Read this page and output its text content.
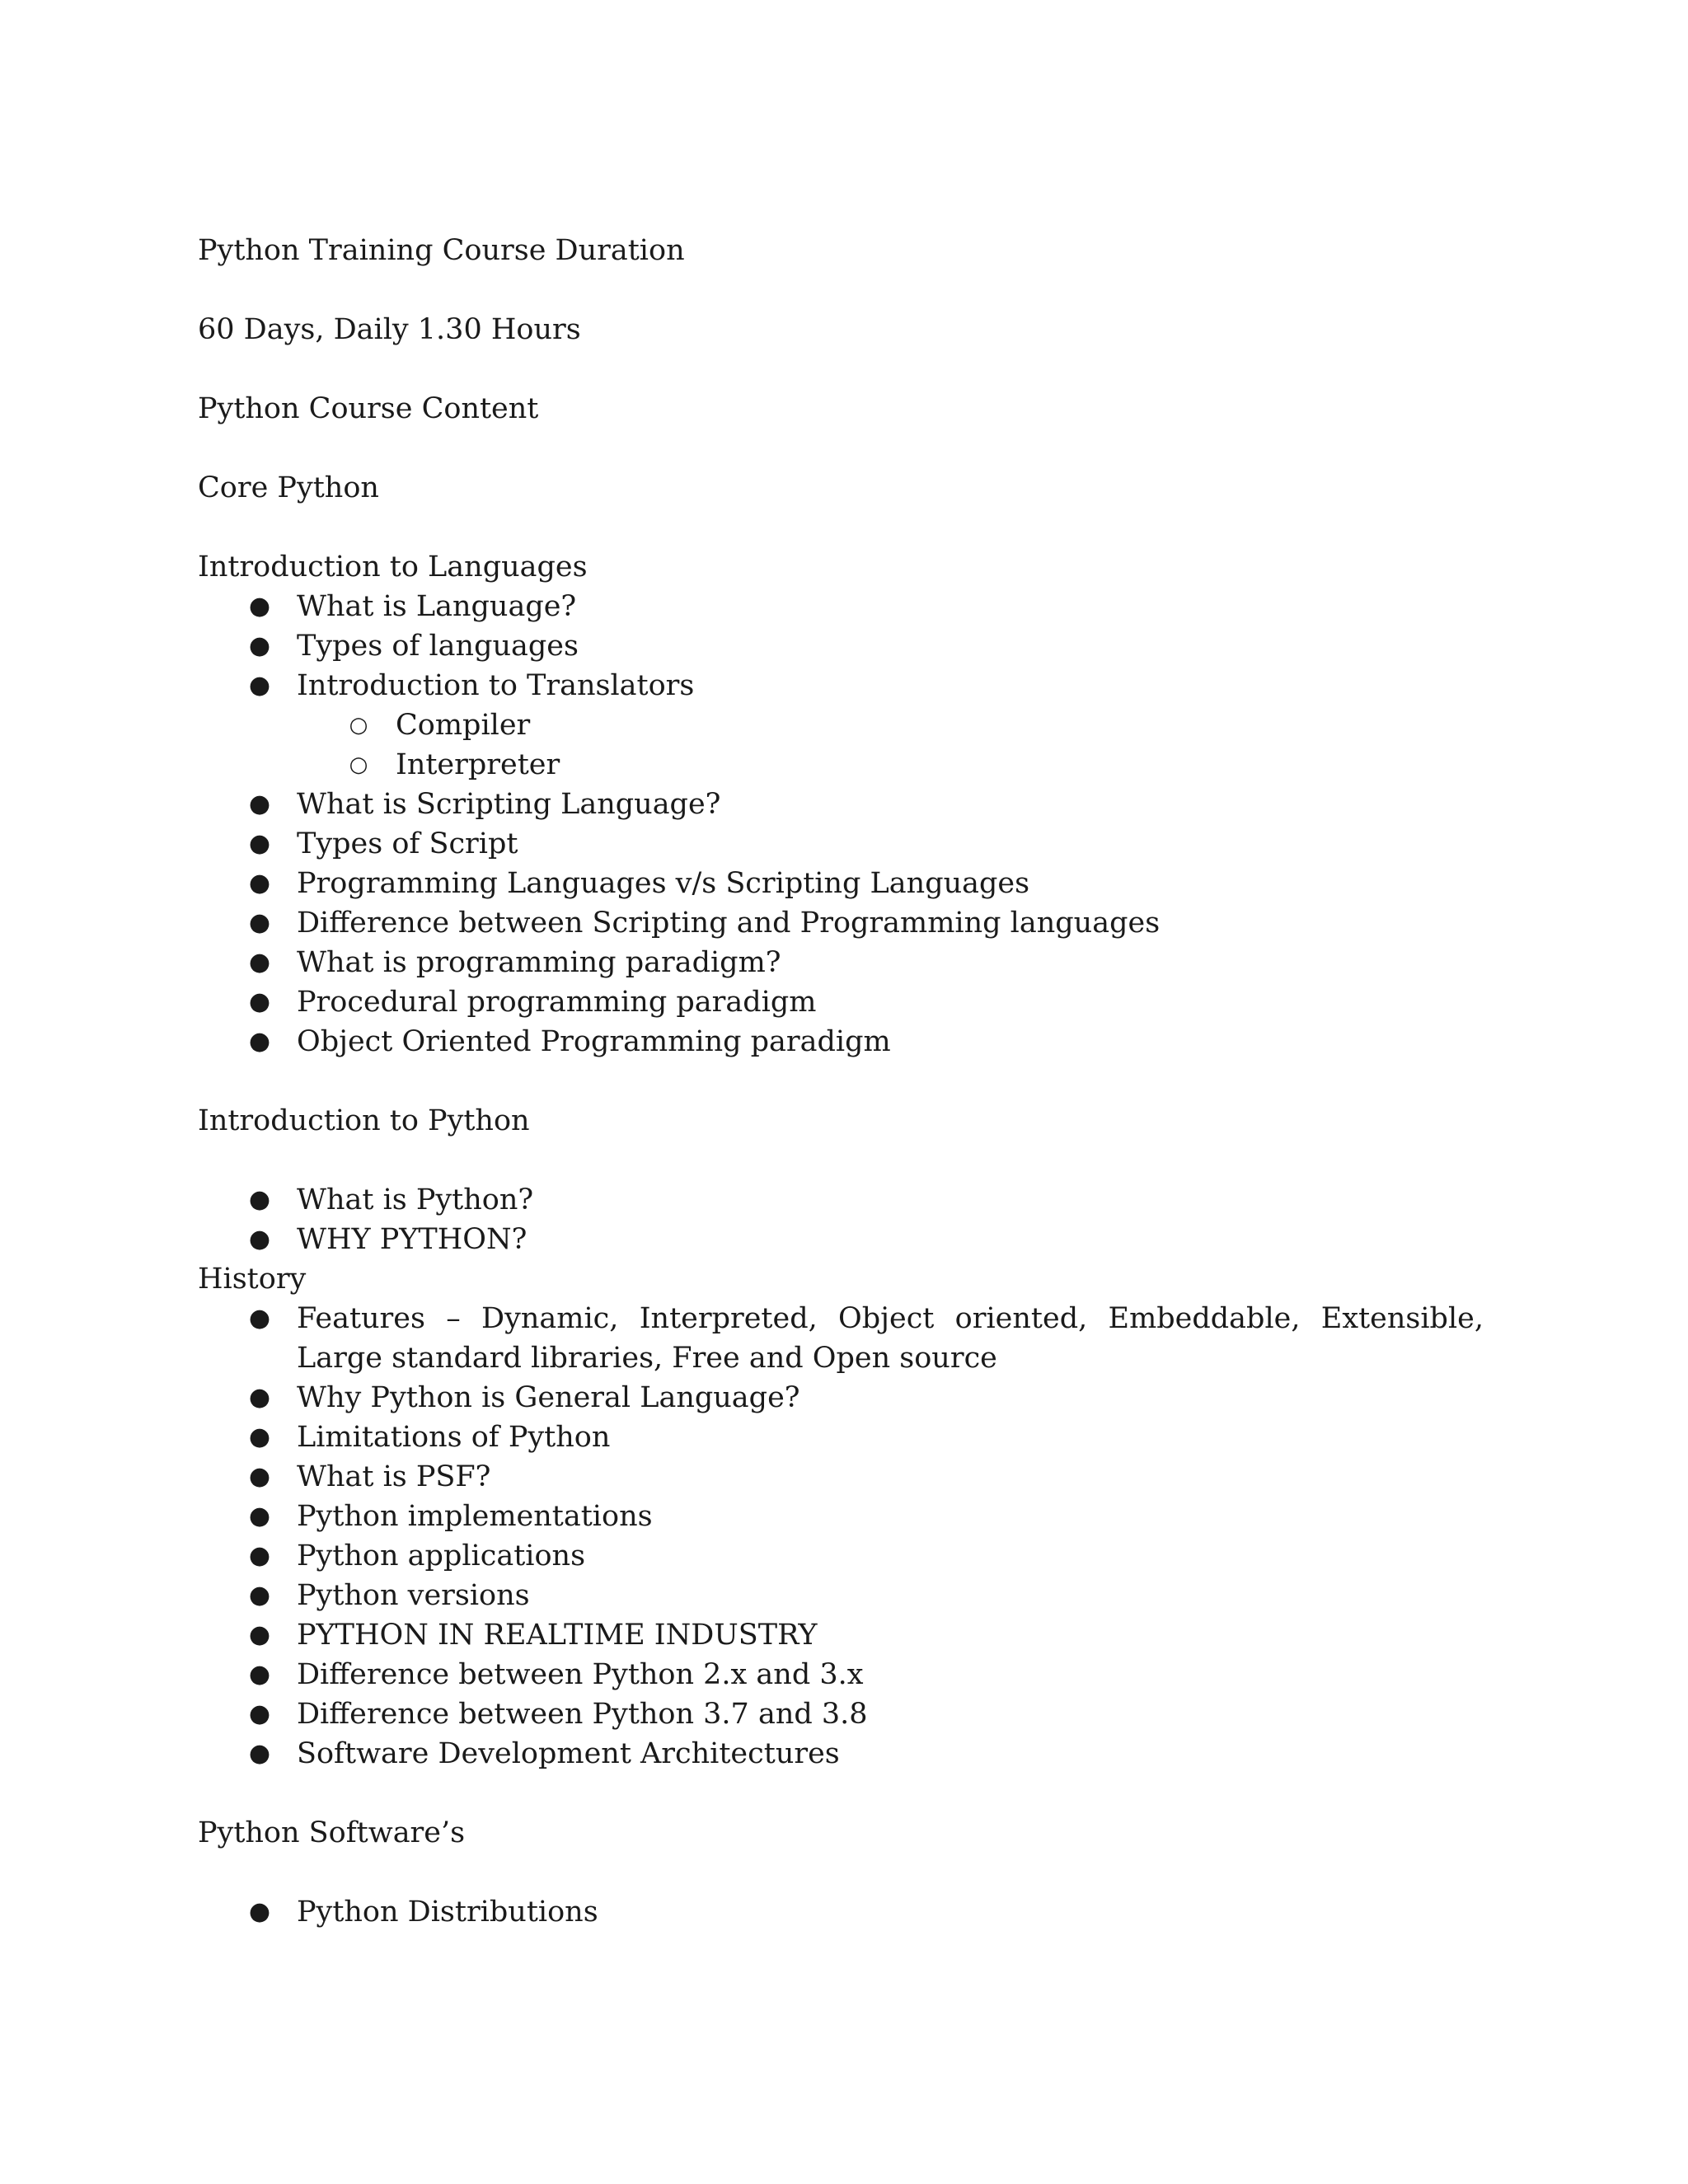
Python Training Course Duration

60 Days, Daily 1.30 Hours

Python Course Content

Core Python

Introduction to Languages

● What is Language?
● Types of languages
● Introduction to Translators
○ Compiler
○ Interpreter
● What is Scripting Language?
● Types of Script
● Programming Languages v/s Scripting Languages
● Difference between Scripting and Programming languages
● What is programming paradigm?
● Procedural programming paradigm
● Object Oriented Programming paradigm

Introduction to Python

● What is Python?
● WHY PYTHON?

History

● Features – Dynamic, Interpreted, Object oriented, Embeddable, Extensible, Large standard libraries, Free and Open source
● Why Python is General Language?
● Limitations of Python
● What is PSF?
● Python implementations
● Python applications
● Python versions
● PYTHON IN REALTIME INDUSTRY
● Difference between Python 2.x and 3.x
● Difference between Python 3.7 and 3.8
● Software Development Architectures

Python Software’s

● Python Distributions
